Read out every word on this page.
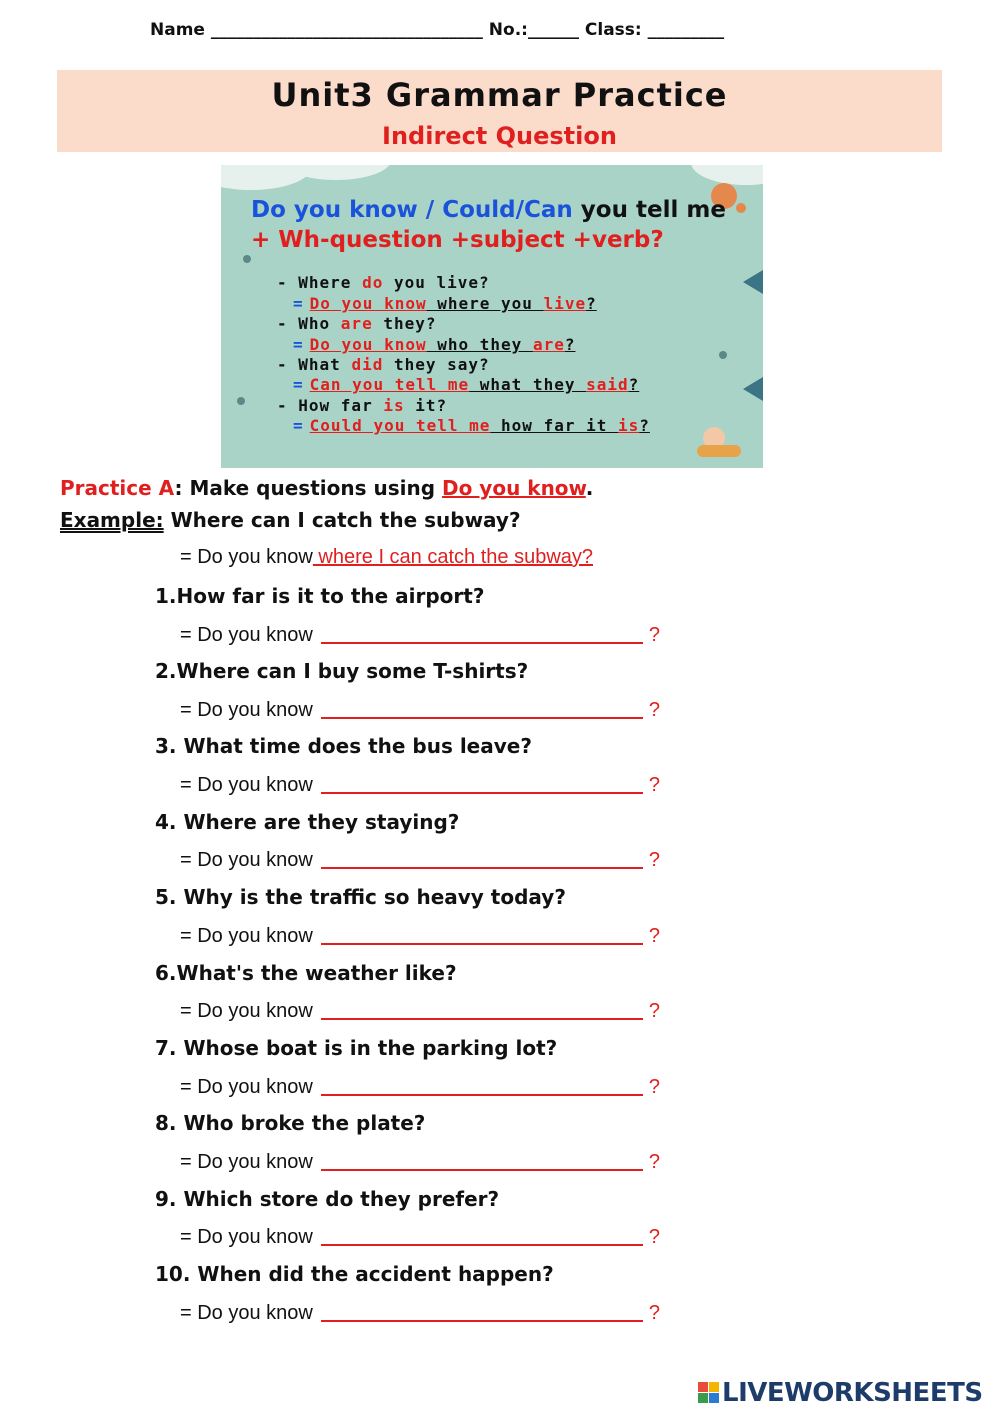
Name ________________________________ No.:______ Class: _________
Unit3 Grammar Practice
Indirect Question
Do you know / Could/Can you tell me
+ Wh-question +subject +verb?
- Where do you live?
= Do you know where you live?
- Who are they?
= Do you know who they are?
- What did they say?
= Can you tell me what they said?
- How far is it?
= Could you tell me how far it is?
Practice A: Make questions using Do you know.
Example: Where can I catch the subway?
= Do you know where I can catch the subway?
1.How far is it to the airport?
= Do you know	?
2.Where can I buy some T-shirts?
= Do you know	?
3. What time does the bus leave?
= Do you know	?
4. Where are they staying?
= Do you know	?
5. Why is the traffic so heavy today?
= Do you know	?
6.What's the weather like?
= Do you know	?
7. Whose boat is in the parking lot?
= Do you know	?
8. Who broke the plate?
= Do you know	?
9. Which store do they prefer?
= Do you know	?
10. When did the accident happen?
= Do you know	?
LIVEWORKSHEETS
